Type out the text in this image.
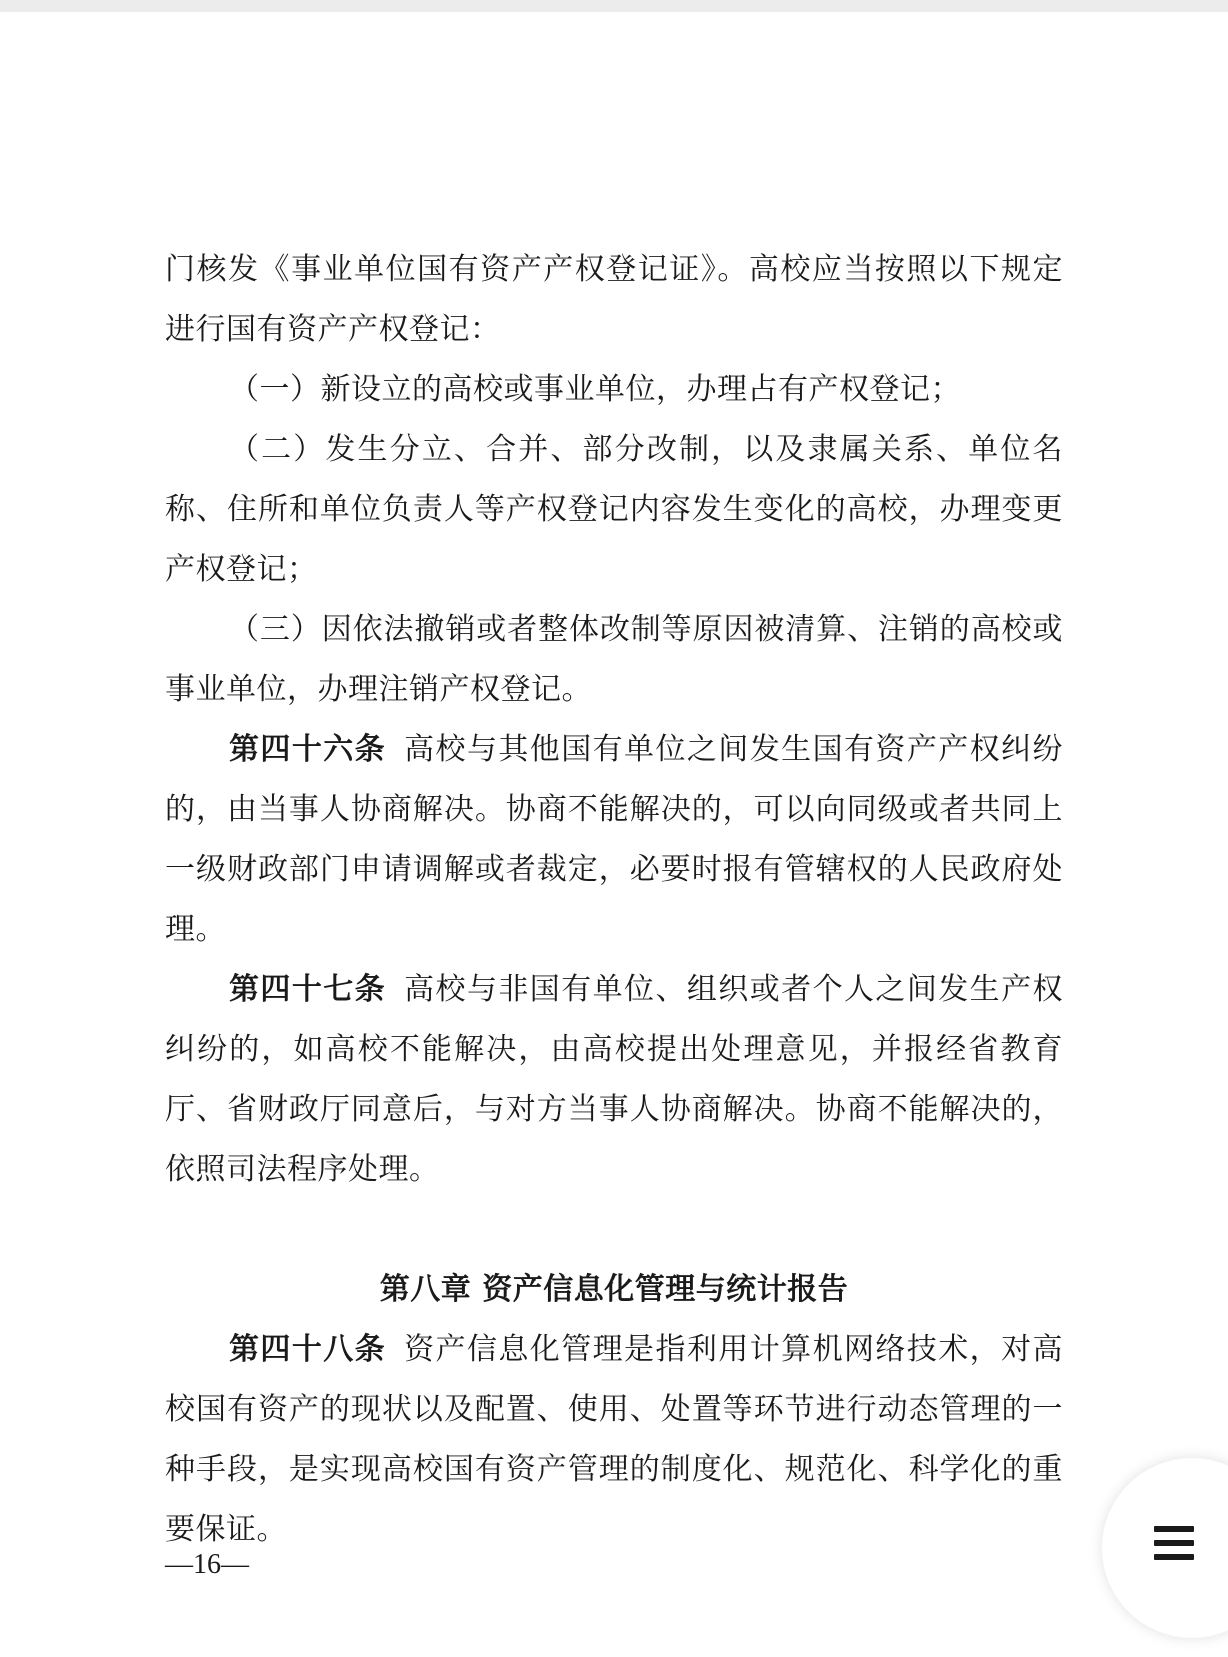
门核发《事业单位国有资产产权登记证》。高校应当按照以下规定进行国有资产产权登记：

（一）新设立的高校或事业单位，办理占有产权登记；

（二）发生分立、合并、部分改制，以及隶属关系、单位名称、住所和单位负责人等产权登记内容发生变化的高校，办理变更产权登记；

（三）因依法撤销或者整体改制等原因被清算、注销的高校或事业单位，办理注销产权登记。

第四十六条 高校与其他国有单位之间发生国有资产产权纠纷的，由当事人协商解决。协商不能解决的，可以向同级或者共同上一级财政部门申请调解或者裁定，必要时报有管辖权的人民政府处理。

第四十七条 高校与非国有单位、组织或者个人之间发生产权纠纷的，如高校不能解决，由高校提出处理意见，并报经省教育厅、省财政厅同意后，与对方当事人协商解决。协商不能解决的，依照司法程序处理。

第八章 资产信息化管理与统计报告

第四十八条 资产信息化管理是指利用计算机网络技术，对高校国有资产的现状以及配置、使用、处置等环节进行动态管理的一种手段，是实现高校国有资产管理的制度化、规范化、科学化的重要保证。

—16—
